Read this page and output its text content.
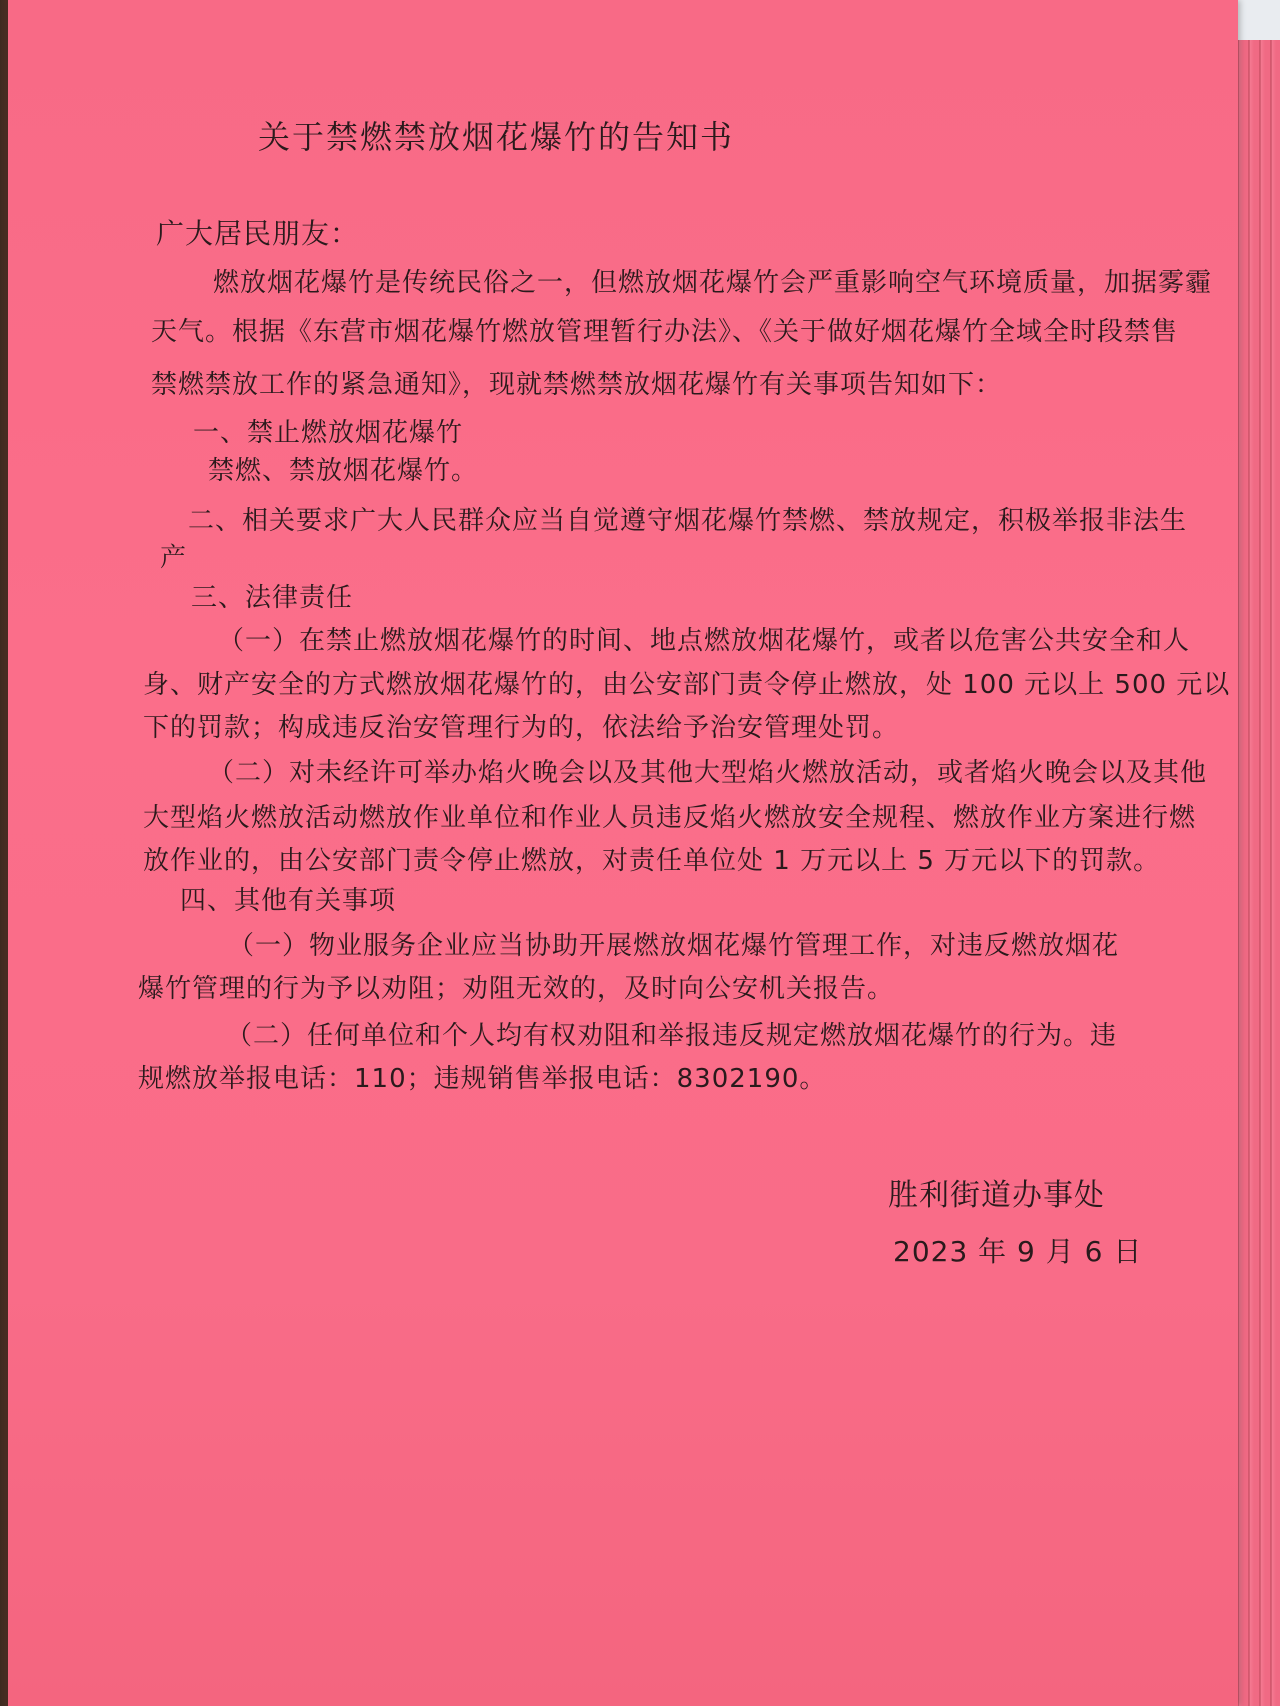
关于禁燃禁放烟花爆竹的告知书
广大居民朋友：
燃放烟花爆竹是传统民俗之一，但燃放烟花爆竹会严重影响空气环境质量，加据雾霾
天气。根据《东营市烟花爆竹燃放管理暂行办法》、《关于做好烟花爆竹全域全时段禁售
禁燃禁放工作的紧急通知》，现就禁燃禁放烟花爆竹有关事项告知如下：
一、禁止燃放烟花爆竹
禁燃、禁放烟花爆竹。
二、相关要求广大人民群众应当自觉遵守烟花爆竹禁燃、禁放规定，积极举报非法生
产
三、法律责任
（一）在禁止燃放烟花爆竹的时间、地点燃放烟花爆竹，或者以危害公共安全和人
身、财产安全的方式燃放烟花爆竹的，由公安部门责令停止燃放，处 100 元以上 500 元以
下的罚款；构成违反治安管理行为的，依法给予治安管理处罚。
（二）对未经许可举办焰火晚会以及其他大型焰火燃放活动，或者焰火晚会以及其他
大型焰火燃放活动燃放作业单位和作业人员违反焰火燃放安全规程、燃放作业方案进行燃
放作业的，由公安部门责令停止燃放，对责任单位处 1 万元以上 5 万元以下的罚款。
四、其他有关事项
（一）物业服务企业应当协助开展燃放烟花爆竹管理工作，对违反燃放烟花
爆竹管理的行为予以劝阻；劝阻无效的，及时向公安机关报告。
（二）任何单位和个人均有权劝阻和举报违反规定燃放烟花爆竹的行为。违
规燃放举报电话：110；违规销售举报电话：8302190。
胜利街道办事处
2023 年 9 月 6 日
